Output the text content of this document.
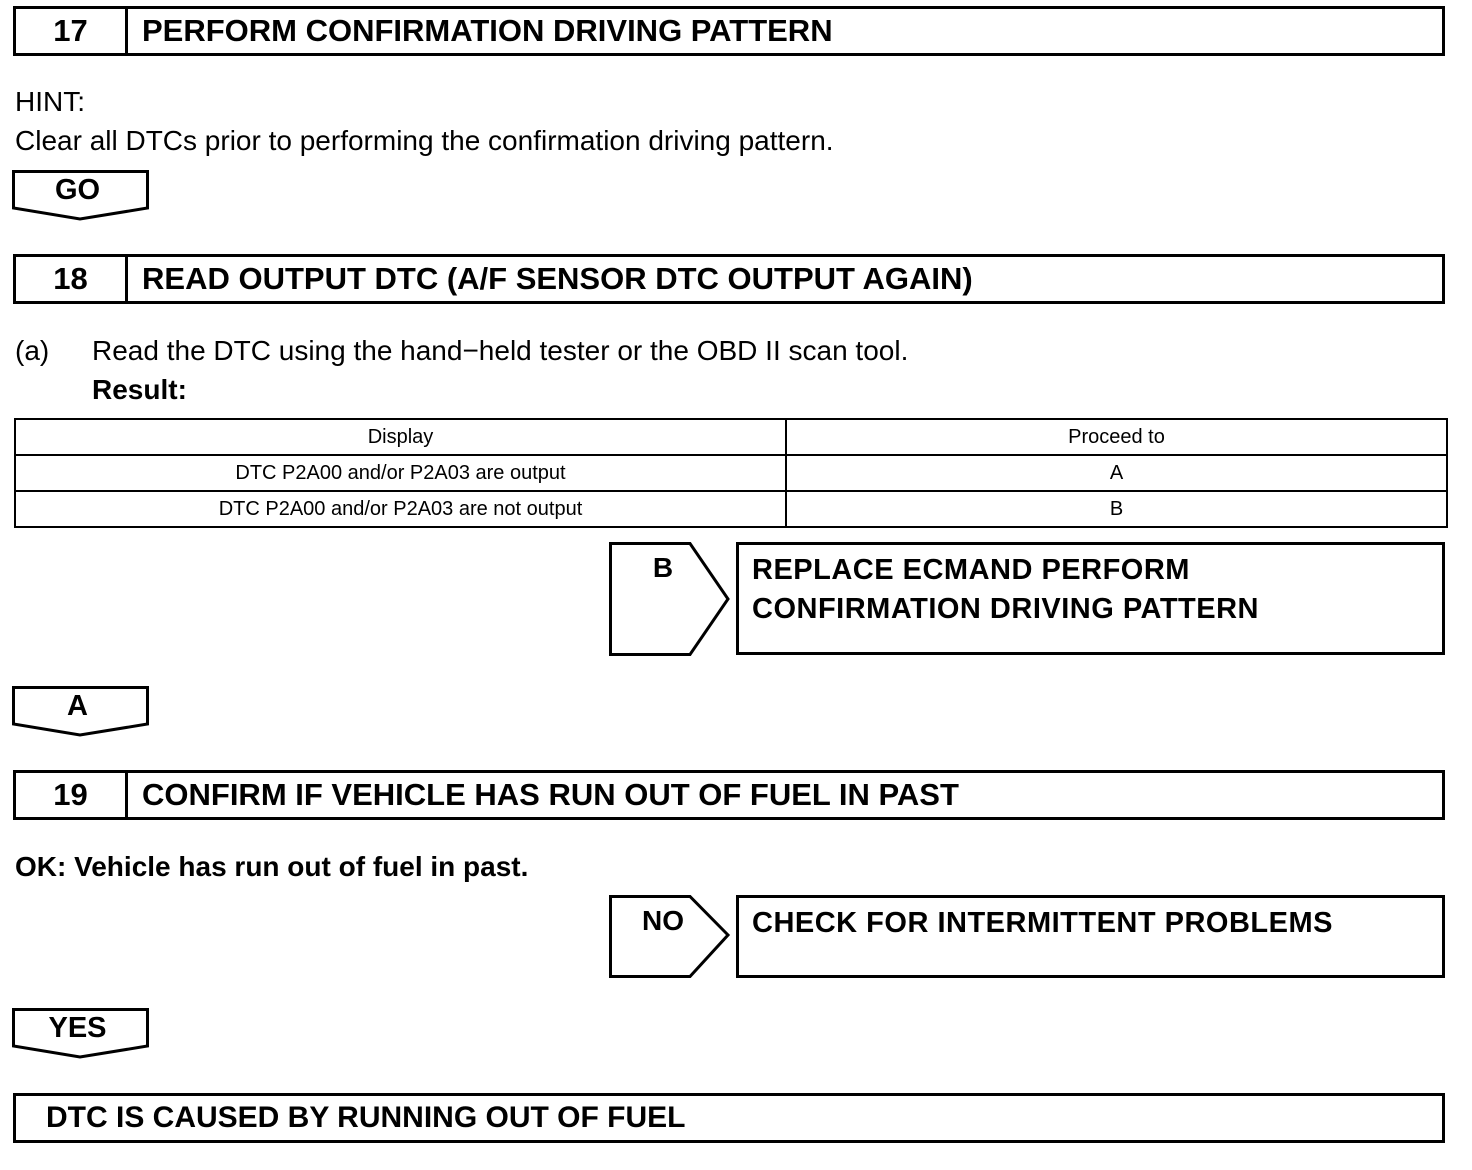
17	PERFORM CONFIRMATION DRIVING PATTERN
HINT:
Clear all DTCs prior to performing the confirmation driving pattern.
GO
18	READ OUTPUT DTC (A/F SENSOR DTC OUTPUT AGAIN)
(a) Read the DTC using the hand−held tester or the OBD II scan tool.
Result:
Display	Proceed to
DTC P2A00 and/or P2A03 are output	A
DTC P2A00 and/or P2A03 are not output	B
B	REPLACE ECMAND PERFORM
CONFIRMATION DRIVING PATTERN
A
19	CONFIRM IF VEHICLE HAS RUN OUT OF FUEL IN PAST
OK: Vehicle has run out of fuel in past.
NO	CHECK FOR INTERMITTENT PROBLEMS
YES
DTC IS CAUSED BY RUNNING OUT OF FUEL
